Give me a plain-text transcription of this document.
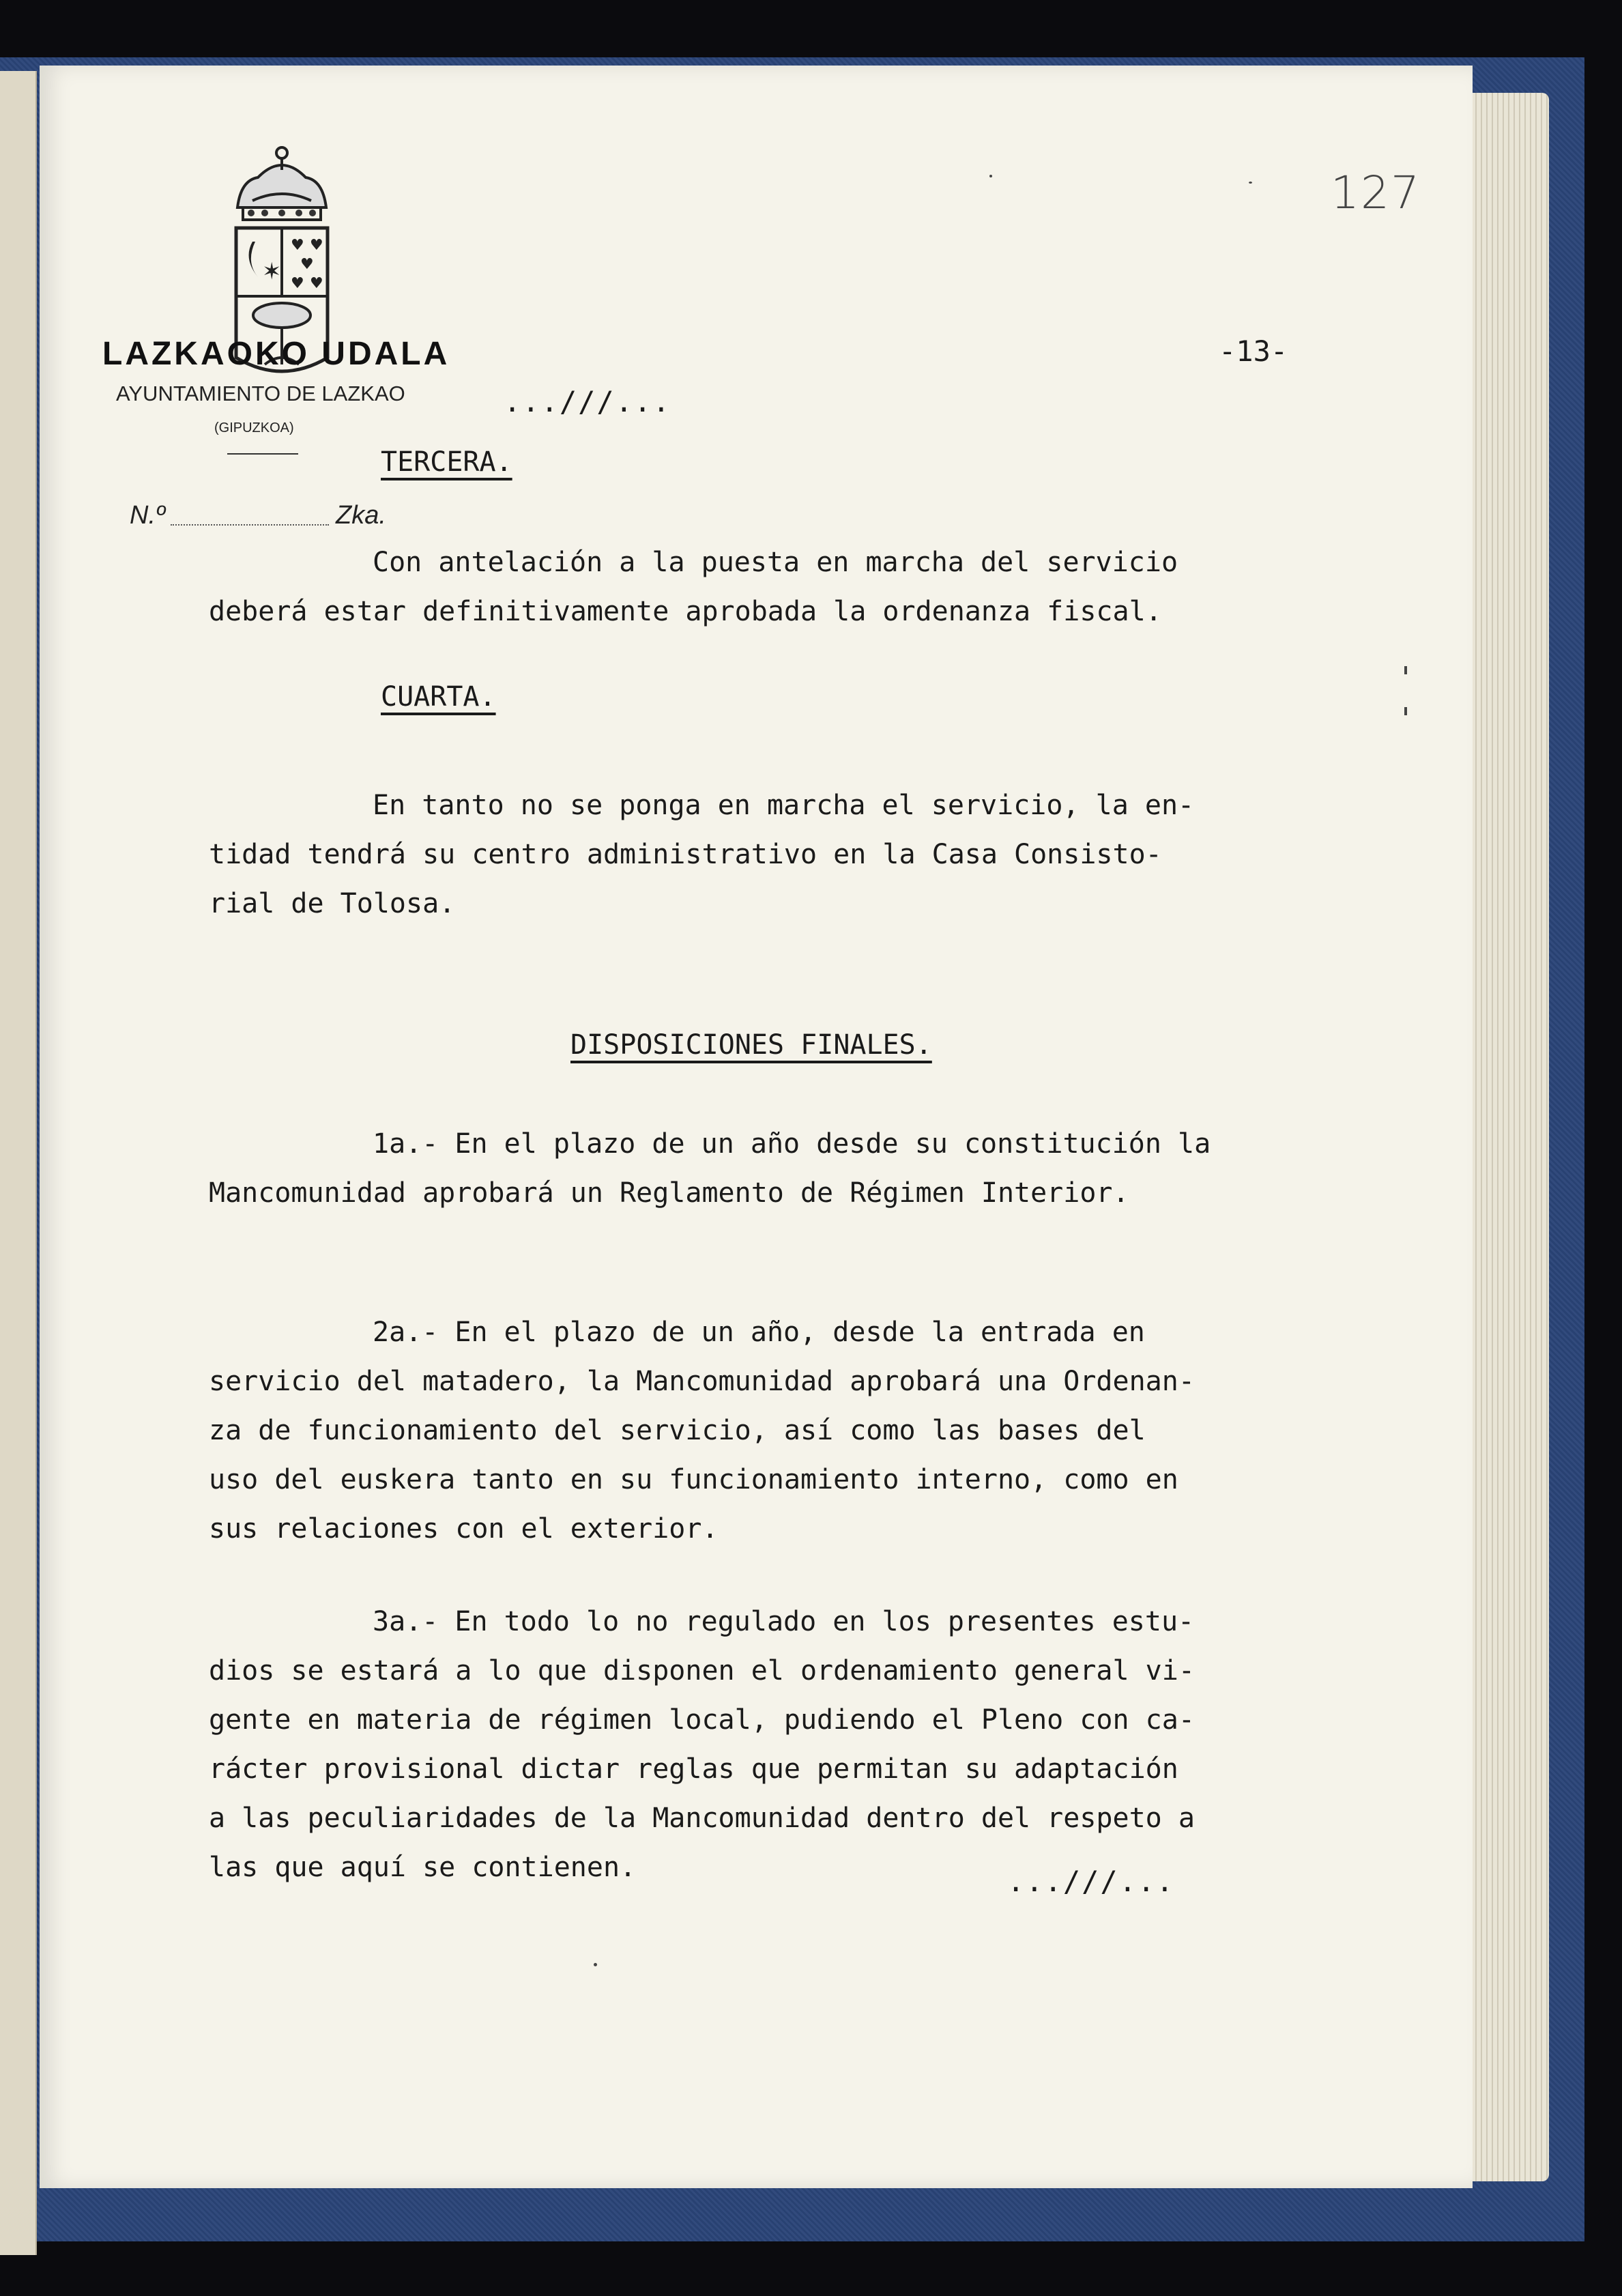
127
✶
♥ ♥
♥
♥ ♥
LAZKAOKO UDALA
AYUNTAMIENTO DE LAZKAO
(GIPUZKOA)
N.º	Zka.
-13-
...///...
TERCERA.
Con antelación a la puesta en marcha del servicio
deberá estar definitivamente aprobada la ordenanza fiscal.
CUARTA.
En tanto no se ponga en marcha el servicio, la en-
tidad tendrá su centro administrativo en la Casa Consisto-
rial de Tolosa.
DISPOSICIONES FINALES.
1a.- En el plazo de un año desde su constitución la
Mancomunidad aprobará un Reglamento de Régimen Interior.
2a.- En el plazo de un año, desde la entrada en
servicio del matadero, la Mancomunidad aprobará una Ordenan-
za de funcionamiento del servicio, así como las bases del
uso del euskera tanto en su funcionamiento interno, como en
sus relaciones con el exterior.
3a.- En todo lo no regulado en los presentes estu-
dios se estará a lo que disponen el ordenamiento general vi-
gente en materia de régimen local, pudiendo el Pleno con ca-
rácter provisional dictar reglas que permitan su adaptación
a las peculiaridades de la Mancomunidad dentro del respeto a
las que aquí se contienen.	...///...
